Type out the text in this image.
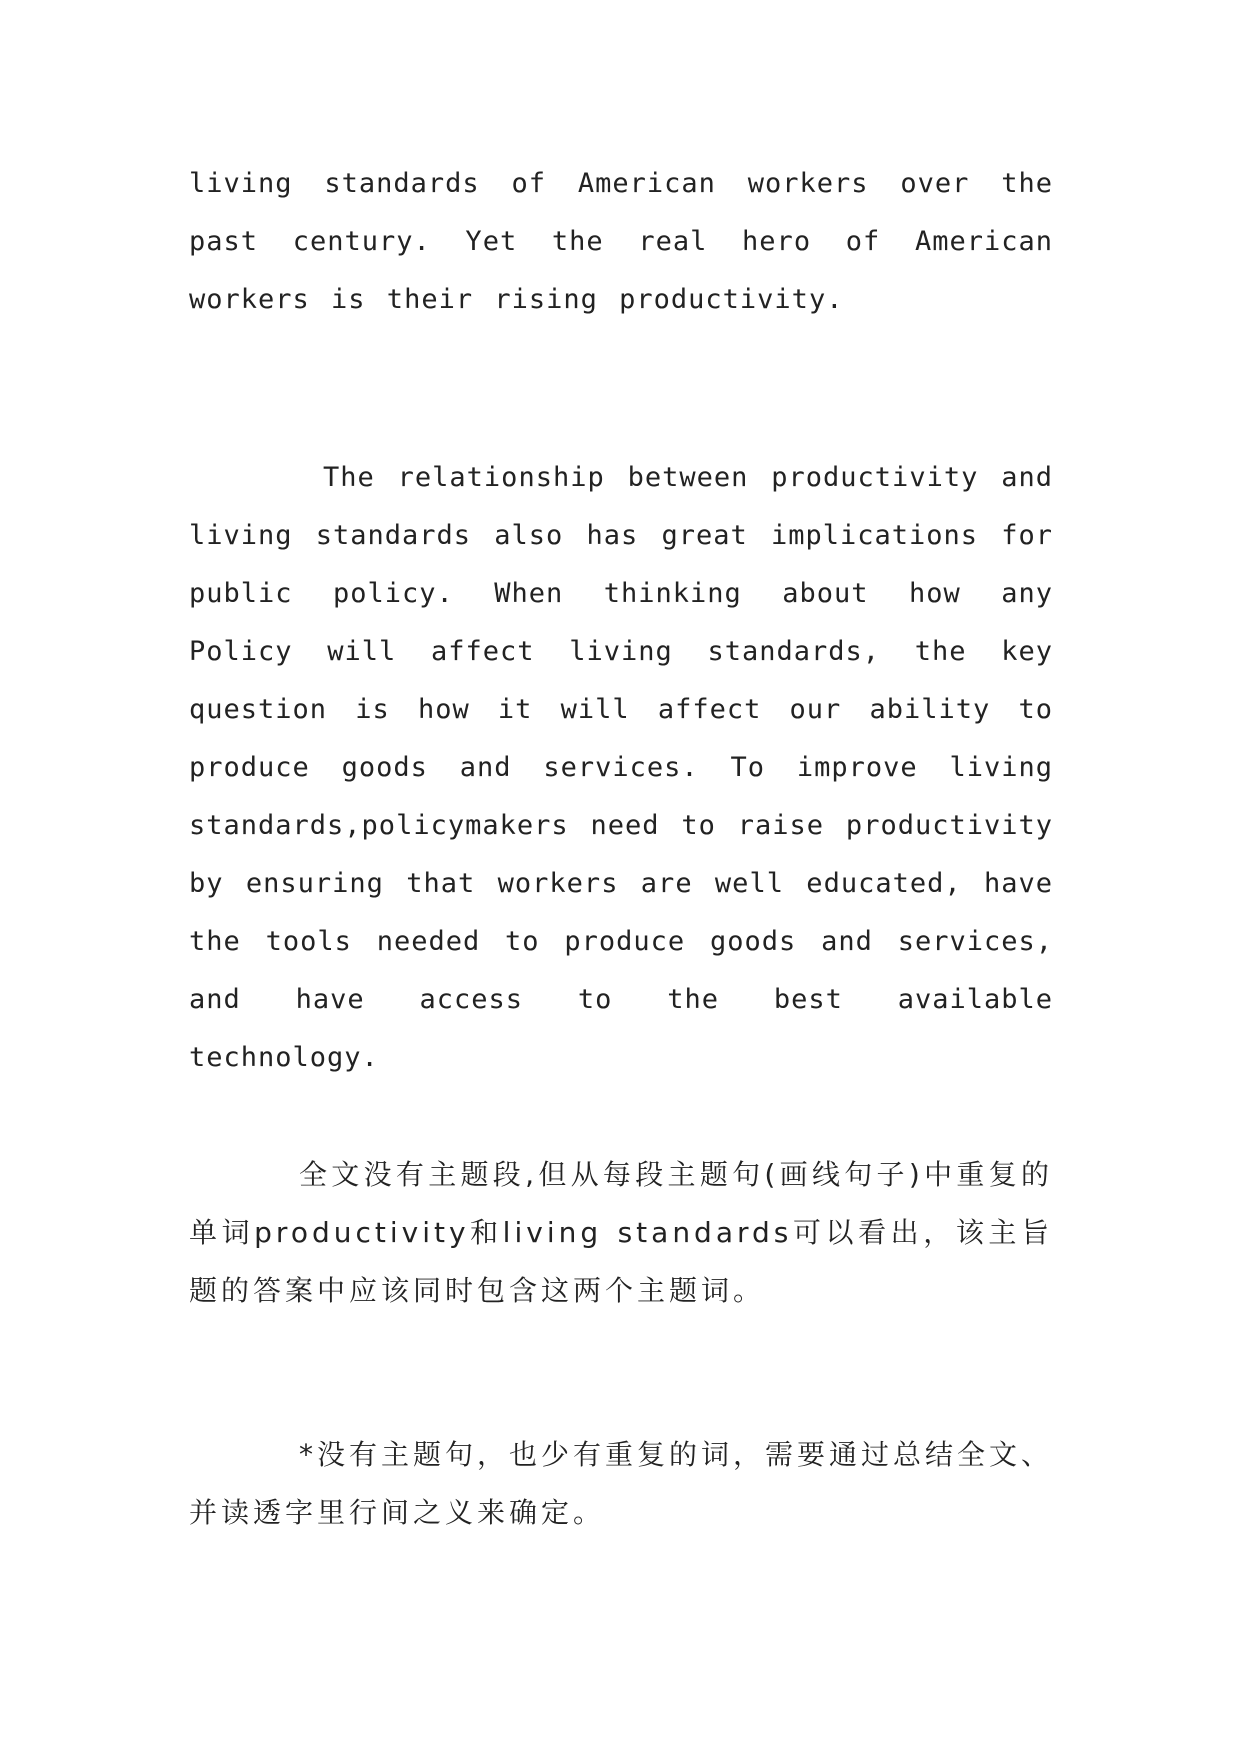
living standards of American workers over the past century. Yet the real hero of American workers is their rising productivity.

The relationship between productivity and living standards also has great implications for public policy. When thinking about how any Policy will affect living standards, the key question is how it will affect our ability to produce goods and services. To improve living standards,policymakers need to raise productivity by ensuring that workers are well educated, have the tools needed to produce goods and services, and have access to the best available technology.

全文没有主题段,但从每段主题句(画线句子)中重复的单词productivity和living standards可以看出，该主旨题的答案中应该同时包含这两个主题词。

*没有主题句，也少有重复的词，需要通过总结全文、并读透字里行间之义来确定。
